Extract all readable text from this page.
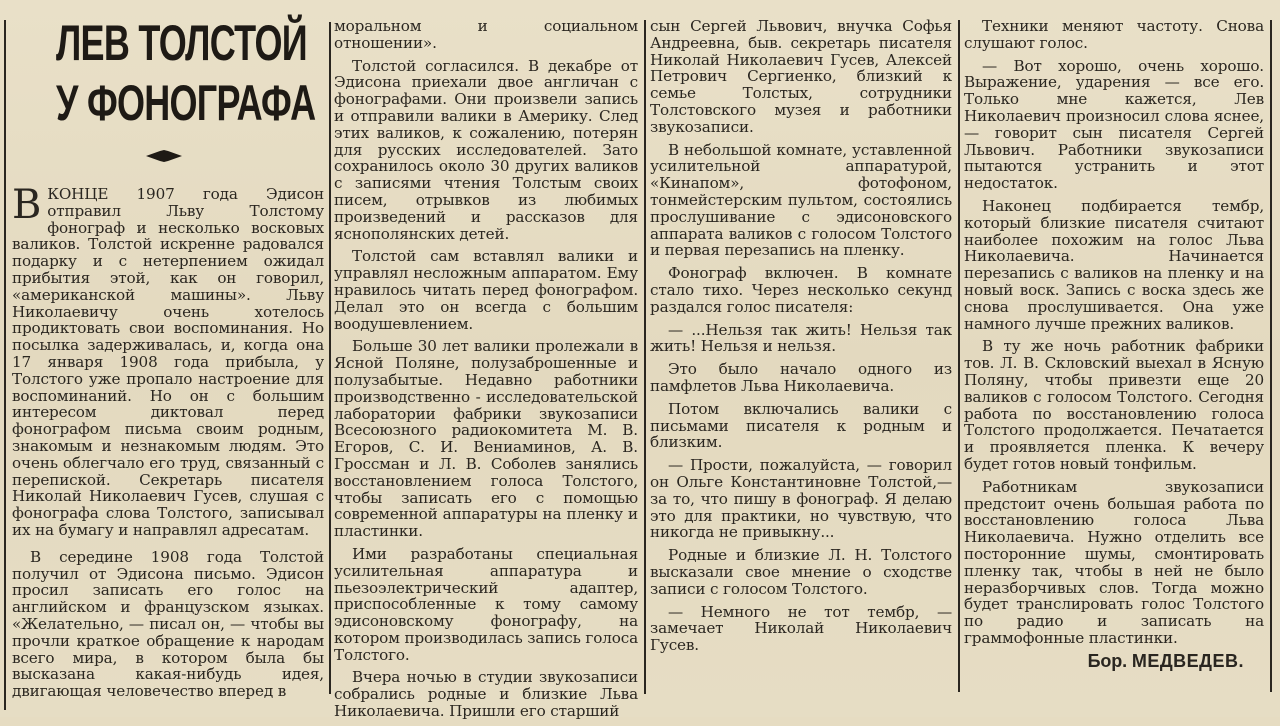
ЛЕВ ТОЛСТОЙ
У ФОНОГРАФА

ВКОНЦЕ 1907 года Эдисон отправил Льву Толстому фонограф и несколько восковых валиков. Толстой искренне радовался подарку и с нетерпением ожидал прибытия этой, как он говорил, «американской машины». Льву Николаевичу очень хотелось продиктовать свои воспоминания. Но посылка задерживалась, и, когда она 17 января 1908 года прибыла, у Толстого уже пропало настроение для воспоминаний. Но он с большим интересом диктовал перед фонографом письма своим родным, знакомым и незнакомым людям. Это очень облегчало его труд, связанный с перепиской. Секретарь писателя Николай Николаевич Гусев, слушая с фонографа слова Толстого, записывал их на бумагу и направлял адресатам.

В середине 1908 года Толстой получил от Эдисона письмо. Эдисон просил записать его голос на английском и французском языках. «Желательно, — писал он, — чтобы вы прочли краткое обращение к народам всего мира, в котором была бы высказана какая-нибудь идея, двигающая человечество вперед в

моральном и социальном отношении».

Толстой согласился. В декабре от Эдисона приехали двое англичан с фонографами. Они произвели запись и отправили валики в Америку. След этих валиков, к сожалению, потерян для русских исследователей. Зато сохранилось около 30 других валиков с записями чтения Толстым своих писем, отрывков из любимых произведений и рассказов для яснополянских детей.

Толстой сам вставлял валики и управлял несложным аппаратом. Ему нравилось читать перед фонографом. Делал это он всегда с большим воодушевлением.

Больше 30 лет валики пролежали в Ясной Поляне, полузаброшенные и полузабытые. Недавно работники производственно - исследовательской лаборатории фабрики звукозаписи Всесоюзного радиокомитета М. В. Егоров, С. И. Вениаминов, А. В. Гроссман и Л. В. Соболев занялись восстановлением голоса Толстого, чтобы записать его с помощью современной аппаратуры на пленку и пластинки.

Ими разработаны специальная усилительная аппаратура и пьезоэлектрический адаптер, приспособленные к тому самому эдисоновскому фонографу, на котором производилась запись голоса Толстого.

Вчера ночью в студии звукозаписи собрались родные и близкие Льва Николаевича. Пришли его старший

сын Сергей Львович, внучка Софья Андреевна, быв. секретарь писателя Николай Николаевич Гусев, Алексей Петрович Сергиенко, близкий к семье Толстых, сотрудники Толстовского музея и работники звукозаписи.

В небольшой комнате, уставленной усилительной аппаратурой, «Кинапом», фотофоном, тонмейстерским пультом, состоялись прослушивание с эдисоновского аппарата валиков с голосом Толстого и первая перезапись на пленку.

Фонограф включен. В комнате стало тихо. Через несколько секунд раздался голос писателя:

— ...Нельзя так жить! Нельзя так жить! Нельзя и нельзя.

Это было начало одного из памфлетов Льва Николаевича.

Потом включались валики с письмами писателя к родным и близким.

— Прости, пожалуйста, — говорил он Ольге Константиновне Толстой,— за то, что пишу в фонограф. Я делаю это для практики, но чувствую, что никогда не привыкну...

Родные и близкие Л. Н. Толстого высказали свое мнение о сходстве записи с голосом Толстого.

— Немного не тот тембр, — замечает Николай Николаевич Гусев.

Техники меняют частоту. Снова слушают голос.

— Вот хорошо, очень хорошо. Выражение, ударения — все его. Только мне кажется, Лев Николаевич произносил слова яснее, — говорит сын писателя Сергей Львович. Работники звукозаписи пытаются устранить и этот недостаток.

Наконец подбирается тембр, который близкие писателя считают наиболее похожим на голос Льва Николаевича. Начинается перезапись с валиков на пленку и на новый воск. Запись с воска здесь же снова прослушивается. Она уже намного лучше прежних валиков.

В ту же ночь работник фабрики тов. Л. В. Скловский выехал в Ясную Поляну, чтобы привезти еще 20 валиков с голосом Толстого. Сегодня работа по восстановлению голоса Толстого продолжается. Печатается и проявляется пленка. К вечеру будет готов новый тонфильм.

Работникам звукозаписи предстоит очень большая работа по восстановлению голоса Льва Николаевича. Нужно отделить все посторонние шумы, смонтировать пленку так, чтобы в ней не было неразборчивых слов. Тогда можно будет транслировать голос Толстого по радио и записать на граммофонные пластинки.

Бор. МЕДВЕДЕВ.
